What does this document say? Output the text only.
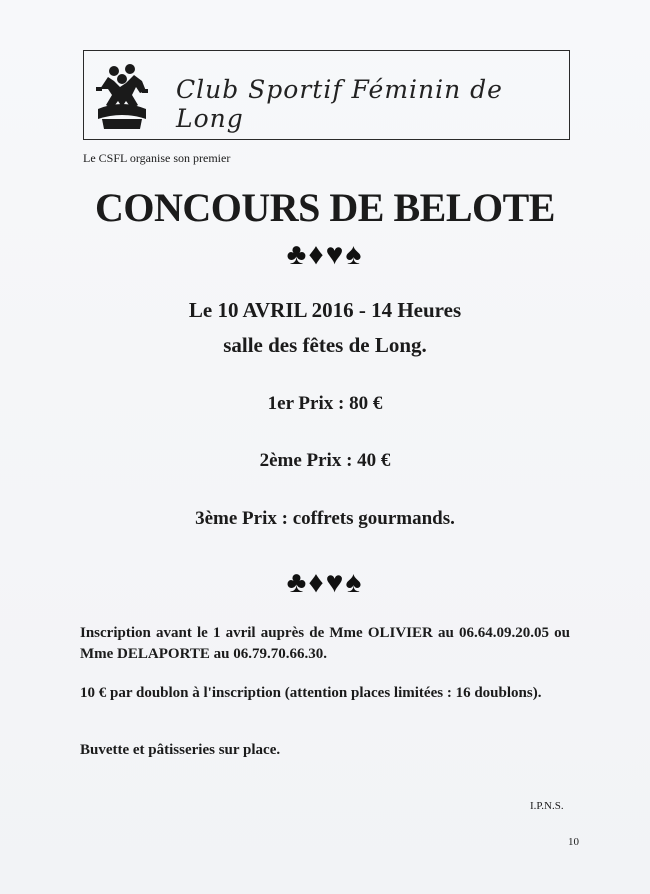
Club Sportif Féminin de Long
Le CSFL organise son premier
CONCOURS DE BELOTE
♣♦♥♠
Le 10 AVRIL 2016 - 14 Heures
salle des fêtes de Long.
1er Prix : 80 €
2ème Prix : 40 €
3ème Prix : coffrets gourmands.
♣♦♥♠
Inscription avant le 1 avril auprès de Mme OLIVIER au 06.64.09.20.05 ou Mme DELAPORTE au 06.79.70.66.30.
10 € par doublon à l'inscription (attention places limitées : 16 doublons).
Buvette et pâtisseries sur place.
I.P.N.S.
10
